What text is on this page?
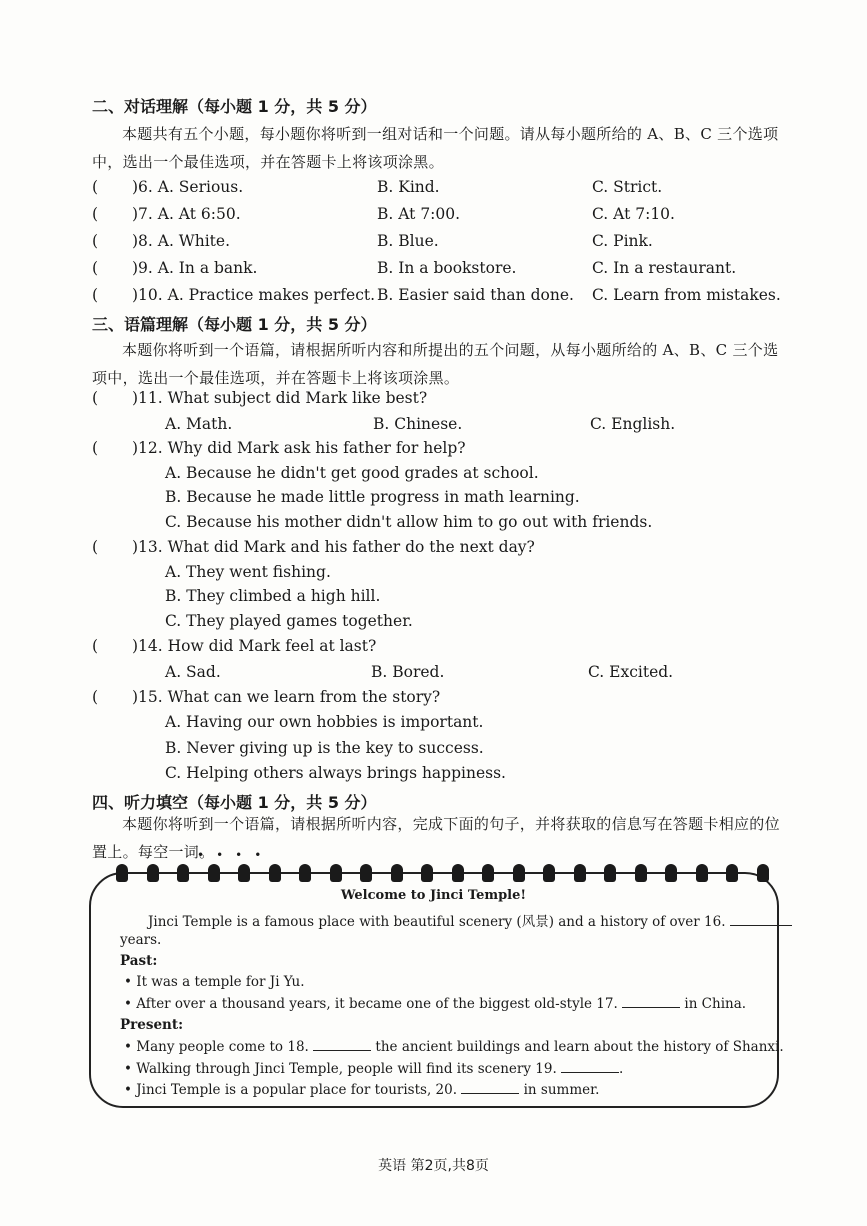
二、对话理解（每小题 1 分，共 5 分）
本题共有五个小题，每小题你将听到一组对话和一个问题。请从每小题所给的 A、B、C 三个选项中，选出一个最佳选项，并在答题卡上将该项涂黑。
( )6. A. Serious.	B. Kind.	C. Strict.
( )7. A. At 6:50.	B. At 7:00.	C. At 7:10.
( )8. A. White.	B. Blue.	C. Pink.
( )9. A. In a bank.	B. In a bookstore.	C. In a restaurant.
( )10. A. Practice makes perfect. B. Easier said than done. C. Learn from mistakes.
三、语篇理解（每小题 1 分，共 5 分）
本题你将听到一个语篇，请根据所听内容和所提出的五个问题，从每小题所给的 A、B、C 三个选项中，选出一个最佳选项，并在答题卡上将该项涂黑。
( )11. What subject did Mark like best?
A. Math.	B. Chinese.	C. English.
( )12. Why did Mark ask his father for help?
A. Because he didn't get good grades at school.
B. Because he made little progress in math learning.
C. Because his mother didn't allow him to go out with friends.
( )13. What did Mark and his father do the next day?
A. They went fishing.
B. They climbed a high hill.
C. They played games together.
( )14. How did Mark feel at last?
A. Sad.	B. Bored.	C. Excited.
( )15. What can we learn from the story?
A. Having our own hobbies is important.
B. Never giving up is the key to success.
C. Helping others always brings happiness.
四、听力填空（每小题 1 分，共 5 分）
本题你将听到一个语篇，请根据所听内容，完成下面的句子，并将获取的信息写在答题卡相应的位置上。每空一词。
••••
Welcome to Jinci Temple!
Jinci Temple is a famous place with beautiful scenery (风景) and a history of over 16.
years.
Past:
• It was a temple for Ji Yu.
• After over a thousand years, it became one of the biggest old-style 17.	in China.
Present:
• Many people come to 18.	the ancient buildings and learn about the history of Shanxi.
• Walking through Jinci Temple, people will find its scenery 19.	.
• Jinci Temple is a popular place for tourists, 20.	in summer.
英语 第2页,共8页
